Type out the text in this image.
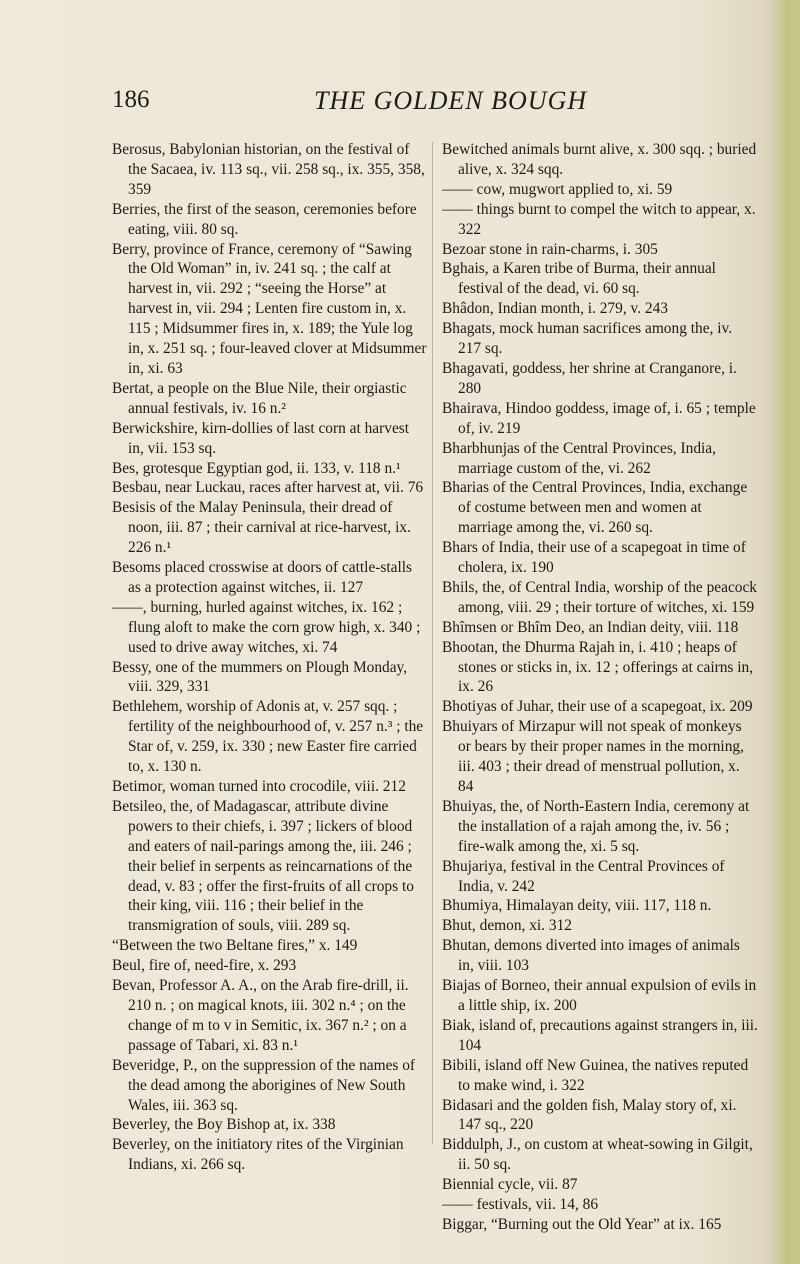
186	THE GOLDEN BOUGH

Berosus, Babylonian historian, on the festival of the Sacaea, iv. 113 sq., vii. 258 sq., ix. 355, 358, 359

Berries, the first of the season, ceremonies before eating, viii. 80 sq.

Berry, province of France, ceremony of “Sawing the Old Woman” in, iv. 241 sq. ; the calf at harvest in, vii. 292 ; “seeing the Horse” at harvest in, vii. 294 ; Lenten fire custom in, x. 115 ; Midsummer fires in, x. 189; the Yule log in, x. 251 sq. ; four-leaved clover at Midsummer in, xi. 63

Bertat, a people on the Blue Nile, their orgiastic annual festivals, iv. 16 n.²

Berwickshire, kirn-dollies of last corn at harvest in, vii. 153 sq.

Bes, grotesque Egyptian god, ii. 133, v. 118 n.¹

Besbau, near Luckau, races after harvest at, vii. 76

Besisis of the Malay Peninsula, their dread of noon, iii. 87 ; their carnival at rice-harvest, ix. 226 n.¹

Besoms placed crosswise at doors of cattle-stalls as a protection against witches, ii. 127

——, burning, hurled against witches, ix. 162 ; flung aloft to make the corn grow high, x. 340 ; used to drive away witches, xi. 74

Bessy, one of the mummers on Plough Monday, viii. 329, 331

Bethlehem, worship of Adonis at, v. 257 sqq. ; fertility of the neighbourhood of, v. 257 n.³ ; the Star of, v. 259, ix. 330 ; new Easter fire carried to, x. 130 n.

Betimor, woman turned into crocodile, viii. 212

Betsileo, the, of Madagascar, attribute divine powers to their chiefs, i. 397 ; lickers of blood and eaters of nail-parings among the, iii. 246 ; their belief in serpents as reincarnations of the dead, v. 83 ; offer the first-fruits of all crops to their king, viii. 116 ; their belief in the transmigration of souls, viii. 289 sq.

“Between the two Beltane fires,” x. 149

Beul, fire of, need-fire, x. 293

Bevan, Professor A. A., on the Arab fire-drill, ii. 210 n. ; on magical knots, iii. 302 n.⁴ ; on the change of m to v in Semitic, ix. 367 n.² ; on a passage of Tabari, xi. 83 n.¹

Beveridge, P., on the suppression of the names of the dead among the aborigines of New South Wales, iii. 363 sq.

Beverley, the Boy Bishop at, ix. 338

Beverley, on the initiatory rites of the Virginian Indians, xi. 266 sq.

Bewitched animals burnt alive, x. 300 sqq. ; buried alive, x. 324 sqq.

—— cow, mugwort applied to, xi. 59

—— things burnt to compel the witch to appear, x. 322

Bezoar stone in rain-charms, i. 305

Bghais, a Karen tribe of Burma, their annual festival of the dead, vi. 60 sq.

Bhâdon, Indian month, i. 279, v. 243

Bhagats, mock human sacrifices among the, iv. 217 sq.

Bhagavati, goddess, her shrine at Cranganore, i. 280

Bhairava, Hindoo goddess, image of, i. 65 ; temple of, iv. 219

Bharbhunjas of the Central Provinces, India, marriage custom of the, vi. 262

Bharias of the Central Provinces, India, exchange of costume between men and women at marriage among the, vi. 260 sq.

Bhars of India, their use of a scapegoat in time of cholera, ix. 190

Bhils, the, of Central India, worship of the peacock among, viii. 29 ; their torture of witches, xi. 159

Bhîmsen or Bhîm Deo, an Indian deity, viii. 118

Bhootan, the Dhurma Rajah in, i. 410 ; heaps of stones or sticks in, ix. 12 ; offerings at cairns in, ix. 26

Bhotiyas of Juhar, their use of a scapegoat, ix. 209

Bhuiyars of Mirzapur will not speak of monkeys or bears by their proper names in the morning, iii. 403 ; their dread of menstrual pollution, x. 84

Bhuiyas, the, of North-Eastern India, ceremony at the installation of a rajah among the, iv. 56 ; fire-walk among the, xi. 5 sq.

Bhujariya, festival in the Central Provinces of India, v. 242

Bhumiya, Himalayan deity, viii. 117, 118 n.

Bhut, demon, xi. 312

Bhutan, demons diverted into images of animals in, viii. 103

Biajas of Borneo, their annual expulsion of evils in a little ship, ix. 200

Biak, island of, precautions against strangers in, iii. 104

Bibili, island off New Guinea, the natives reputed to make wind, i. 322

Bidasari and the golden fish, Malay story of, xi. 147 sq., 220

Biddulph, J., on custom at wheat-sowing in Gilgit, ii. 50 sq.

Biennial cycle, vii. 87

—— festivals, vii. 14, 86

Biggar, “Burning out the Old Year” at ix. 165
